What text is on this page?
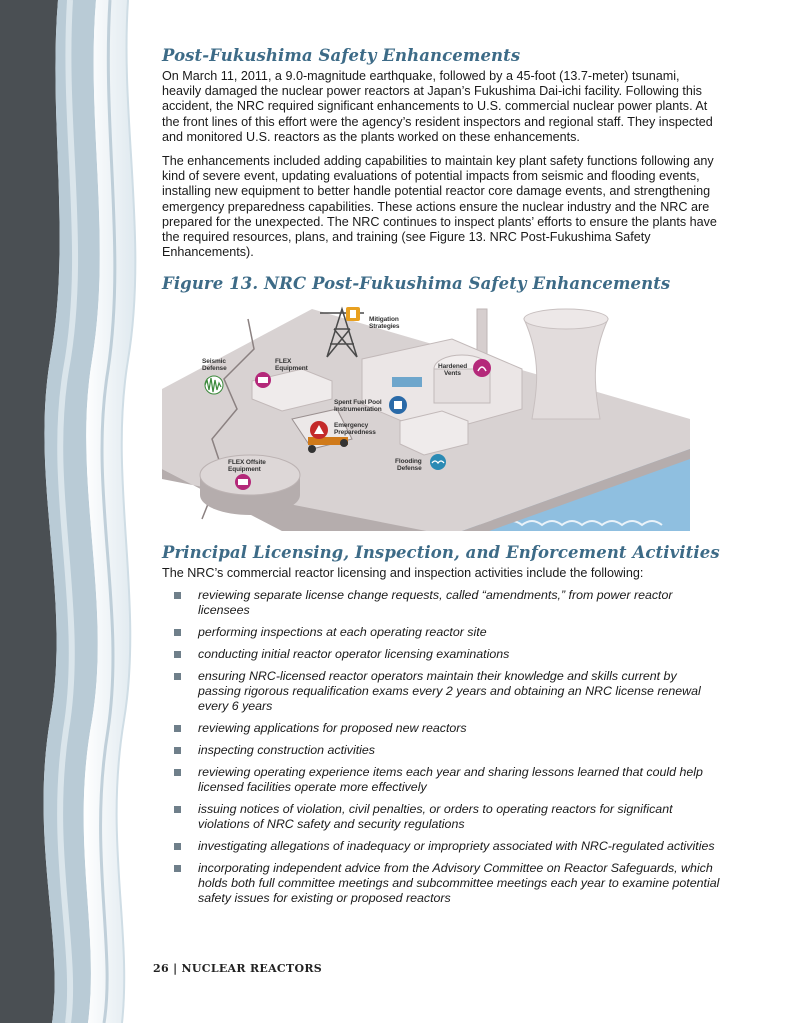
Post-Fukushima Safety Enhancements

On March 11, 2011, a 9.0-magnitude earthquake, followed by a 45-foot (13.7-meter) tsunami, heavily damaged the nuclear power reactors at Japan’s Fukushima Dai-ichi facility. Following this accident, the NRC required significant enhancements to U.S. commercial nuclear power plants. At the front lines of this effort were the agency’s resident inspectors and regional staff. They inspected and monitored U.S. reactors as the plants worked on these enhancements.

The enhancements included adding capabilities to maintain key plant safety functions following any kind of severe event, updating evaluations of potential impacts from seismic and flooding events, installing new equipment to better handle potential reactor core damage events, and strengthening emergency preparedness capabilities. These actions ensure the nuclear industry and the NRC are prepared for the unexpected. The NRC continues to inspect plants’ efforts to ensure the plants have the required resources, plans, and training (see Figure 13. NRC Post-Fukushima Safety Enhancements).

Figure 13. NRC Post-Fukushima Safety Enhancements
Mitigation
Strategies
Seismic
Defense
FLEX
Equipment	Hardened
Vents
Spent Fuel Pool
Instrumentation
Emergency
Preparedness
Flooding
Defense
FLEX Offsite
Equipment
Principal Licensing, Inspection, and Enforcement Activities

The NRC’s commercial reactor licensing and inspection activities include the following:

reviewing separate license change requests, called “amendments,” from power reactor licensees
performing inspections at each operating reactor site
conducting initial reactor operator licensing examinations
ensuring NRC-licensed reactor operators maintain their knowledge and skills current by passing rigorous requalification exams every 2 years and obtaining an NRC license renewal every 6 years
reviewing applications for proposed new reactors
inspecting construction activities
reviewing operating experience items each year and sharing lessons learned that could help licensed facilities operate more effectively
issuing notices of violation, civil penalties, or orders to operating reactors for significant violations of NRC safety and security regulations
investigating allegations of inadequacy or impropriety associated with NRC-regulated activities
incorporating independent advice from the Advisory Committee on Reactor Safeguards, which holds both full committee meetings and subcommittee meetings each year to examine potential safety issues for existing or proposed reactors
26 | NUCLEAR REACTORS
